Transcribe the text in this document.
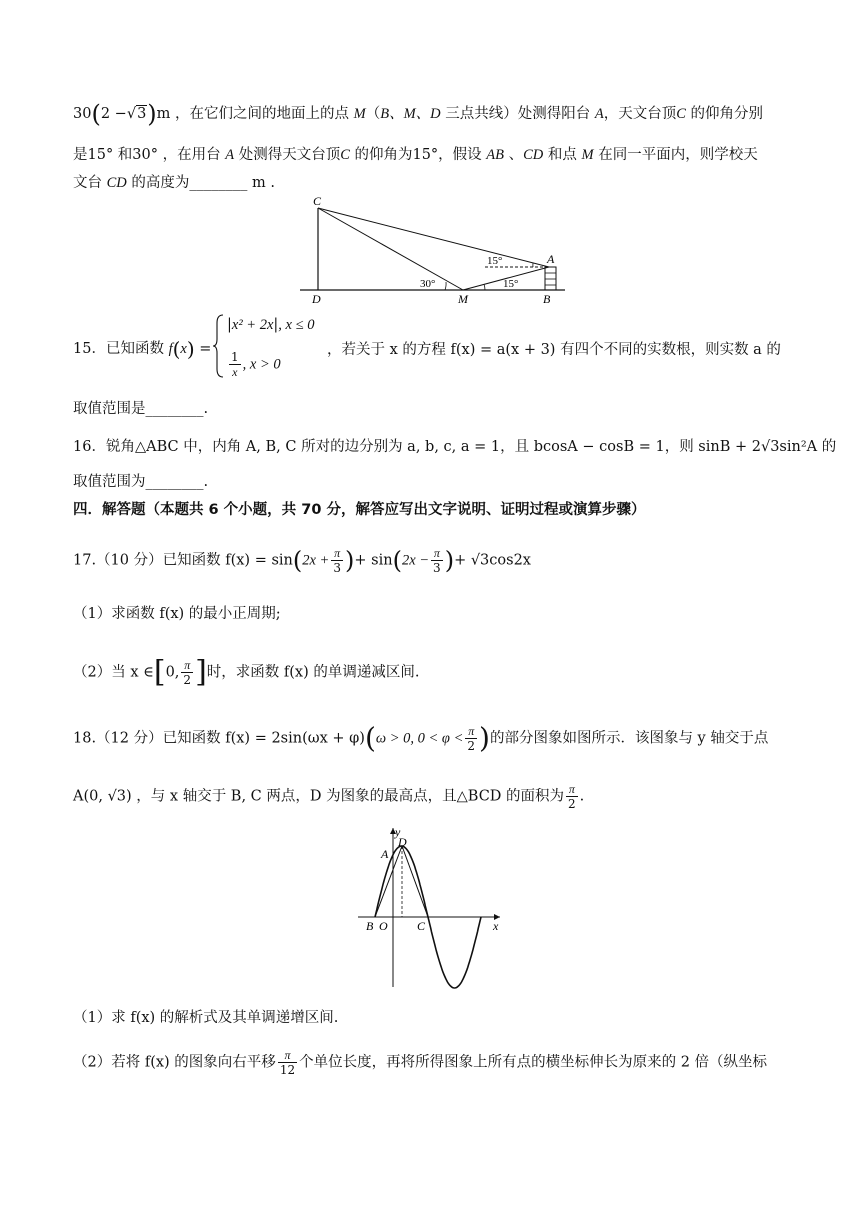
30(2 −√3)m ，在它们之间的地面上的点 M（B、M、D 三点共线）处测得阳台 A，天文台顶C 的仰角分别
是15° 和30° ，在用台 A 处测得天文台顶C 的仰角为15°，假设 AB 、CD 和点 M 在同一平面内，则学校天
文台 CD 的高度为________ m .
C
A
D	M	B
15°
30°	15°
15．已知函数 f(x) =
|x² + 2x|, x ≤ 0
$\frac{1}{x}$ , x > 0
，若关于 x 的方程 f(x) = a(x + 3) 有四个不同的实数根，则实数 a 的
取值范围是________.
16．锐角△ABC 中，内角 A, B, C 所对的边分别为 a, b, c, a = 1，且 bcosA − cosB = 1，则 sinB + 2√3sin²A 的
取值范围为________.
四．解答题（本题共 6 个小题，共 70 分，解答应写出文字说明、证明过程或演算步骤）
17.（10 分）已知函数 $f(x) = \sin(2x + \frac{\pi}{3}$ )+ $\sin(2x - \frac{\pi}{3}$ )+ √3cos2x
（1）求函数 f(x) 的最小正周期;
（2）当 x ∈[0, $\frac{\pi}{2}$ ]时，求函数 f(x) 的单调递减区间.
18.（12 分）已知函数 f(x) = 2sin(ωx + φ)(ω > 0, $0 < \varphi < \frac{\pi}{2}$ )的部分图象如图所示．该图象与 y 轴交于点
A(0, √3) ，与 x 轴交于 B, C 两点，D 为图象的最高点，且△BCD 的面积为 $\frac{\pi}{2}$ .
y
x
D
A
B O C
（1）求 f(x) 的解析式及其单调递增区间.
（2）若将 f(x) 的图象向右平移 $\frac{\pi}{12}$ 个单位长度，再将所得图象上所有点的横坐标伸长为原来的 2 倍（纵坐标
